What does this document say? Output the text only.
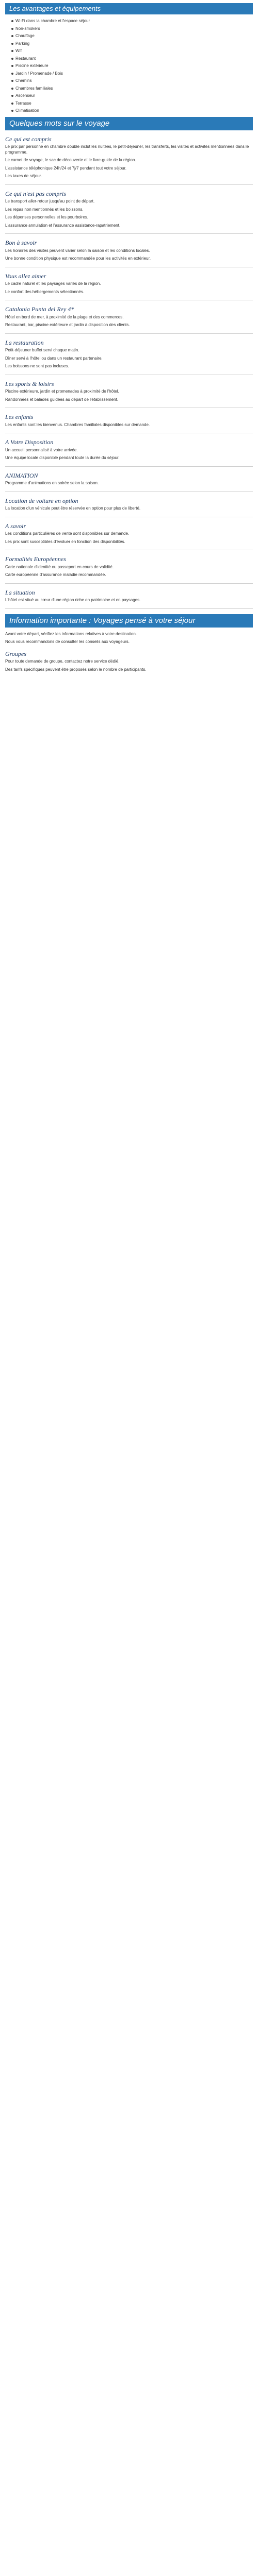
Les avantages et équipements
Wi-Fi dans la chambre et l'espace séjour
Non-smokers
Chauffage
Parking
Wifi
Restaurant
Piscine extérieure
Jardin / Promenade / Bois
Chemins
Chambres familiales
Ascenseur
Terrasse
Climatisation
Quelques mots sur le voyage
Ce qui est compris

Le prix par personne en chambre double inclut les nuitées, le petit-déjeuner, les transferts, les visites et activités mentionnées dans le programme.

Le carnet de voyage, le sac de découverte et le livre-guide de la région.

L'assistance téléphonique 24h/24 et 7j/7 pendant tout votre séjour.

Les taxes de séjour.

Ce qui n'est pas compris

Le transport aller-retour jusqu'au point de départ.

Les repas non mentionnés et les boissons.

Les dépenses personnelles et les pourboires.

L'assurance annulation et l'assurance assistance-rapatriement.

Bon à savoir

Les horaires des visites peuvent varier selon la saison et les conditions locales.

Une bonne condition physique est recommandée pour les activités en extérieur.

Vous allez aimer

Le cadre naturel et les paysages variés de la région.

Le confort des hébergements sélectionnés.

Catalonia Punta del Rey 4*

Hôtel en bord de mer, à proximité de la plage et des commerces.

Restaurant, bar, piscine extérieure et jardin à disposition des clients.

La restauration

Petit-déjeuner buffet servi chaque matin.

Dîner servi à l'hôtel ou dans un restaurant partenaire.

Les boissons ne sont pas incluses.

Les sports & loisirs

Piscine extérieure, jardin et promenades à proximité de l'hôtel.

Randonnées et balades guidées au départ de l'établissement.

Les enfants

Les enfants sont les bienvenus. Chambres familiales disponibles sur demande.

A Votre Disposition

Un accueil personnalisé à votre arrivée.

Une équipe locale disponible pendant toute la durée du séjour.

ANIMATION

Programme d'animations en soirée selon la saison.

Location de voiture en option

La location d'un véhicule peut être réservée en option pour plus de liberté.

A savoir

Les conditions particulières de vente sont disponibles sur demande.

Les prix sont susceptibles d'évoluer en fonction des disponibilités.

Formalités Européennes

Carte nationale d'identité ou passeport en cours de validité.

Carte européenne d'assurance maladie recommandée.

La situation

L'hôtel est situé au cœur d'une région riche en patrimoine et en paysages.

Information importante : Voyages pensé à votre séjour

Avant votre départ, vérifiez les informations relatives à votre destination.

Nous vous recommandons de consulter les conseils aux voyageurs.

Groupes

Pour toute demande de groupe, contactez notre service dédié.

Des tarifs spécifiques peuvent être proposés selon le nombre de participants.
